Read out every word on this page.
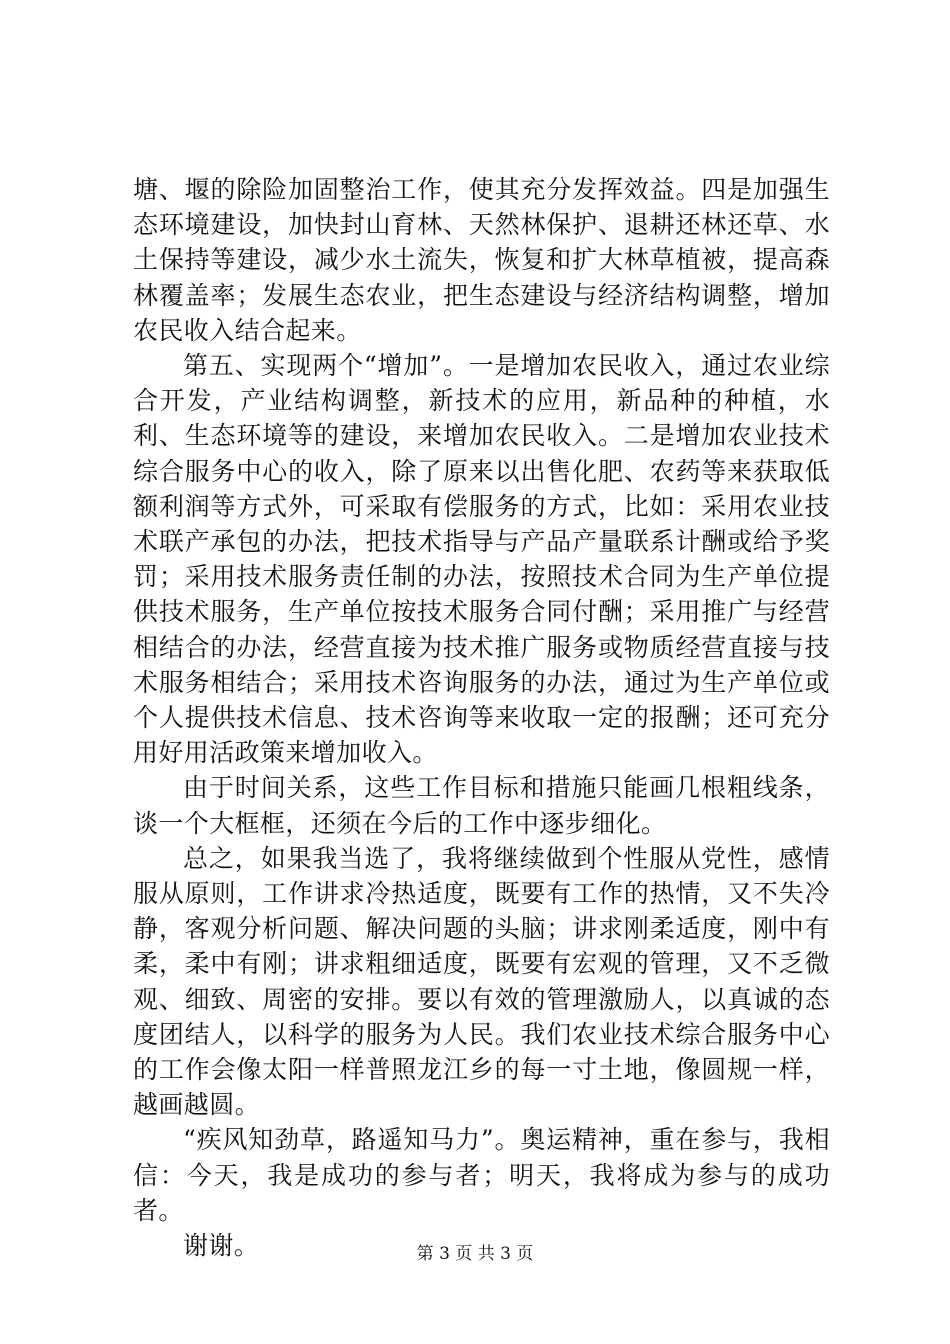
塘、堰的除险加固整治工作，使其充分发挥效益。四是加强生态环境建设，加快封山育林、天然林保护、退耕还林还草、水土保持等建设，减少水土流失，恢复和扩大林草植被，提高森林覆盖率；发展生态农业，把生态建设与经济结构调整，增加农民收入结合起来。

第五、实现两个“增加”。一是增加农民收入，通过农业综合开发，产业结构调整，新技术的应用，新品种的种植，水利、生态环境等的建设，来增加农民收入。二是增加农业技术综合服务中心的收入，除了原来以出售化肥、农药等来获取低额利润等方式外，可采取有偿服务的方式，比如：采用农业技术联产承包的办法，把技术指导与产品产量联系计酬或给予奖罚；采用技术服务责任制的办法，按照技术合同为生产单位提供技术服务，生产单位按技术服务合同付酬；采用推广与经营相结合的办法，经营直接为技术推广服务或物质经营直接与技术服务相结合；采用技术咨询服务的办法，通过为生产单位或个人提供技术信息、技术咨询等来收取一定的报酬；还可充分用好用活政策来增加收入。

由于时间关系，这些工作目标和措施只能画几根粗线条，谈一个大框框，还须在今后的工作中逐步细化。

总之，如果我当选了，我将继续做到个性服从党性，感情服从原则，工作讲求冷热适度，既要有工作的热情，又不失冷静，客观分析问题、解决问题的头脑；讲求刚柔适度，刚中有柔，柔中有刚；讲求粗细适度，既要有宏观的管理，又不乏微观、细致、周密的安排。要以有效的管理激励人，以真诚的态度团结人，以科学的服务为人民。我们农业技术综合服务中心的工作会像太阳一样普照龙江乡的每一寸土地，像圆规一样，越画越圆。

“疾风知劲草，路遥知马力”。奥运精神，重在参与，我相信：今天，我是成功的参与者；明天，我将成为参与的成功者。

谢谢。	第 3 页 共 3 页
